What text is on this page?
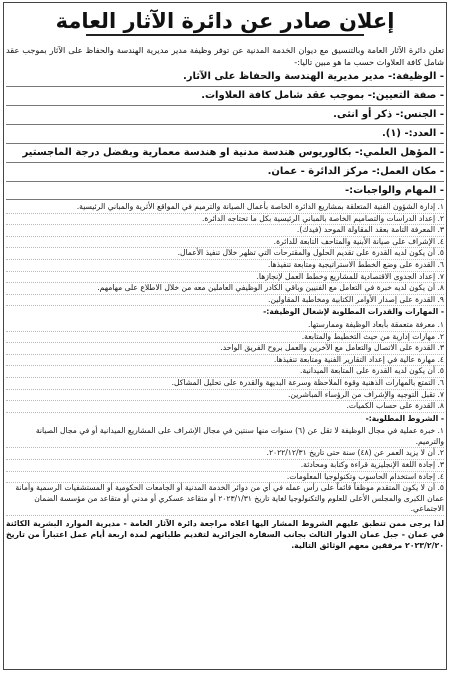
إعلان صادر عن دائرة الآثار العامة
تعلن دائرة الآثار العامة وبالتنسيق مع ديوان الخدمة المدنية عن توفر وظيفة مدير مديرية الهندسة والحفاظ على الآثار بموجب عقد شامل كافة العلاوات حسب ما هو مبين تاليا:-
- الوظيفة:- مدير مديرية الهندسة والحفاظ على الآثار.
- صفة التعيين:- بموجب عقد شامل كافة العلاوات.
- الجنس:- ذكر أو انثى.
- العدد:- (١).
- المؤهل العلمي:- بكالوريوس هندسة مدنية او هندسة معمارية وبفضل درجة الماجستير
- مكان العمل:- مركز الدائرة - عمان.
- المهام والواجبات:-
١. إدارة الشؤون الفنية المتعلقة بمشاريع الدائرة الخاصة بأعمال الصيانة والترميم في المواقع الأثرية والمباني الرئيسية.
٢. إعداد الدراسات والتصاميم الخاصة بالمباني الرئيسية بكل ما تحتاجه الدائرة.
٣. المعرفة التامة بعقد المقاولة الموحد (فيدك).
٤. الإشراف على صيانة الأبنية والمتاحف التابعة للدائرة.
٥. أن يكون لديه القدرة على تقديم الحلول والمقترحات التي تظهر خلال تنفيذ الأعمال.
٦. القدرة على وضع الخطط الاستراتيجية ومتابعة تنفيذها.
٧. إعداد الجدوى الاقتصادية للمشاريع وخطط العمل لإنجازها.
٨. أن يكون لديه خبرة في التعامل مع الفنيين وباقي الكادر الوظيفي العاملين معه من خلال الاطلاع على مهامهم.
٩. القدرة على إصدار الأوامر الكتابية ومخاطبة المقاولين.
- المهارات والقدرات المطلوبة لإشغال الوظيفة:-
١. معرفة متعمقة بأبعاد الوظيفة وممارستها.
٢. مهارات إدارية من حيث التخطيط والمتابعة.
٣. القدرة على الاتصال والتعامل مع الآخرين والعمل بروح الفريق الواحد.
٤. مهارة عالية في إعداد التقارير الفنية ومتابعة تنفيذها.
٥. أن يكون لديه القدرة على المتابعة الميدانية.
٦. التمتع بالمهارات الذهنية وقوة الملاحظة وسرعة البديهة والقدرة على تحليل المشاكل.
٧. تقبل التوجيه والإشراف من الرؤساء المباشرين.
٨. القدرة على حساب الكميات.
- الشروط المطلوبة:-
١. خبرة عملية في مجال الوظيفة لا تقل عن (٦) سنوات منها سنتين في مجال الإشراف على المشاريع الميدانية أو في مجال الصيانة والترميم.
٢. أن لا يزيد العمر عن (٤٨) سنة حتى تاريخ ٢٠٢٢/١٢/٣١.
٣. إجادة اللغة الإنجليزية قراءة وكتابة ومحادثة.
٤. إجادة استخدام الحاسوب وتكنولوجيا المعلومات.
٥. أن لا يكون المتقدم موظفاً قائماً على رأس عمله في أي من دوائر الخدمة المدنية أو الجامعات الحكومية أو المستشفيات الرسمية وأمانة عمان الكبرى والمجلس الأعلى للعلوم والتكنولوجيا لغاية تاريخ ٢٠٢٣/١/٣١ أو متقاعد عسكري أو مدني أو متقاعد من مؤسسة الضمان الاجتماعي.
لذا يرجى ممن تنطبق عليهم الشروط المشار اليها اعلاه مراجعة دائرة الآثار العامة - مديرية الموارد البشرية الكائنة في عمان - جبل عمان الدوار الثالث بجانب السفارة الجزائرية لتقديم طلباتهم لمدة اربعة أيام عمل اعتباراً من تاريخ ٢٠٢٣/٢/٢٠ مرفقين معهم الوثائق التالية.
